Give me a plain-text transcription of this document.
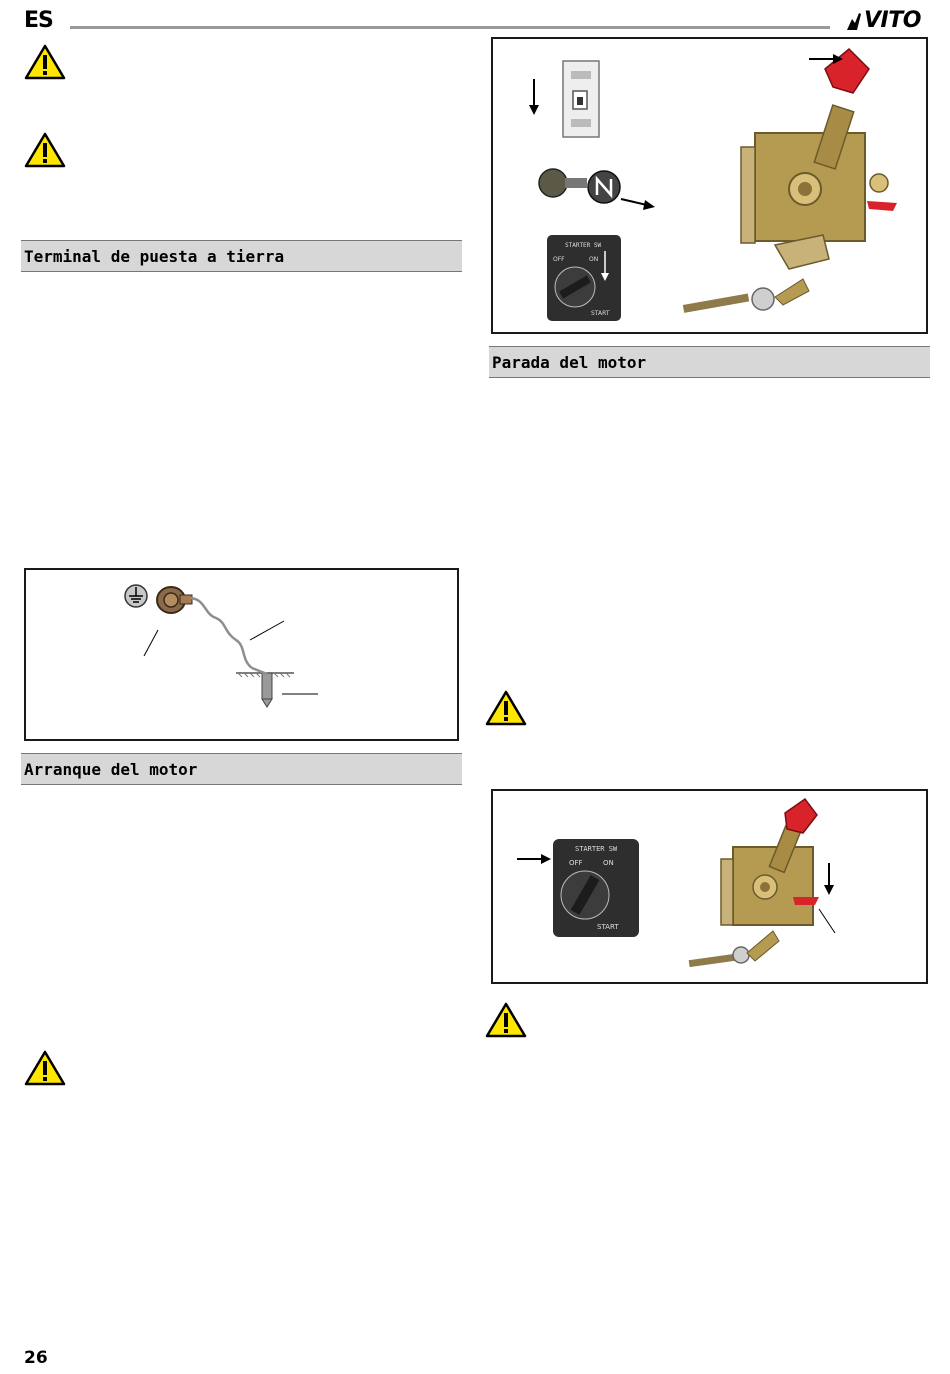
ES	VITO
Terminal de puesta a tierra
Arranque del motor
STARTER SW
OFF	ON
START
Parada del motor
STARTER SW
OFF	ON
START
26
